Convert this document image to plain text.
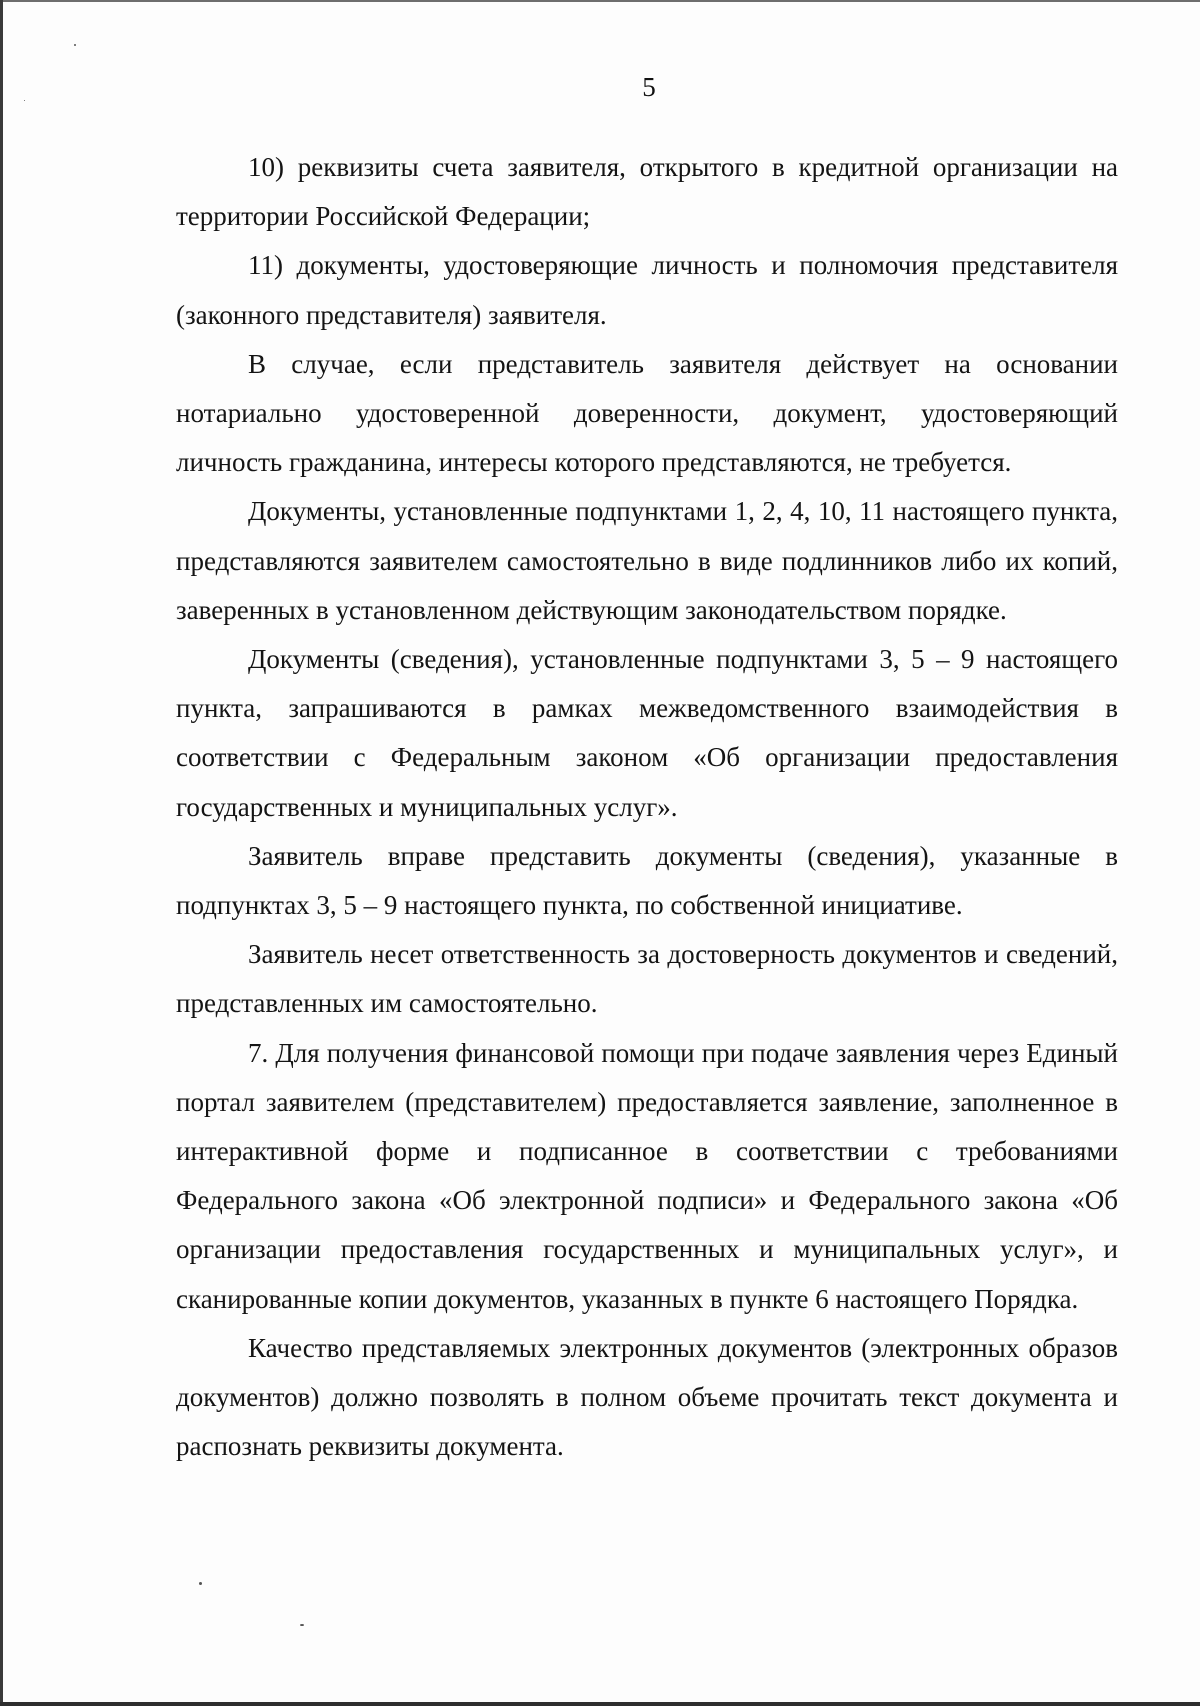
5

10) реквизиты счета заявителя, открытого в кредитной организации на территории Российской Федерации;

11) документы, удостоверяющие личность и полномочия представителя (законного представителя) заявителя.

В случае, если представитель заявителя действует на основании нотариально удостоверенной доверенности, документ, удостоверяющий личность гражданина, интересы которого представляются, не требуется.

Документы, установленные подпунктами 1, 2, 4, 10, 11 настоящего пункта, представляются заявителем самостоятельно в виде подлинников либо их копий, заверенных в установленном действующим законодательством порядке.

Документы (сведения), установленные подпунктами 3, 5 – 9 настоящего пункта, запрашиваются в рамках межведомственного взаимодействия в соответствии с Федеральным законом «Об организации предоставления государственных и муниципальных услуг».

Заявитель вправе представить документы (сведения), указанные в подпунктах 3, 5 – 9 настоящего пункта, по собственной инициативе.

Заявитель несет ответственность за достоверность документов и сведений, представленных им самостоятельно.

7. Для получения финансовой помощи при подаче заявления через Единый портал заявителем (представителем) предоставляется заявление, заполненное в интерактивной форме и подписанное в соответствии с требованиями Федерального закона «Об электронной подписи» и Федерального закона «Об организации предоставления государственных и муниципальных услуг», и сканированные копии документов, указанных в пункте 6 настоящего Порядка.

Качество представляемых электронных документов (электронных образов документов) должно позволять в полном объеме прочитать текст документа и распознать реквизиты документа.
